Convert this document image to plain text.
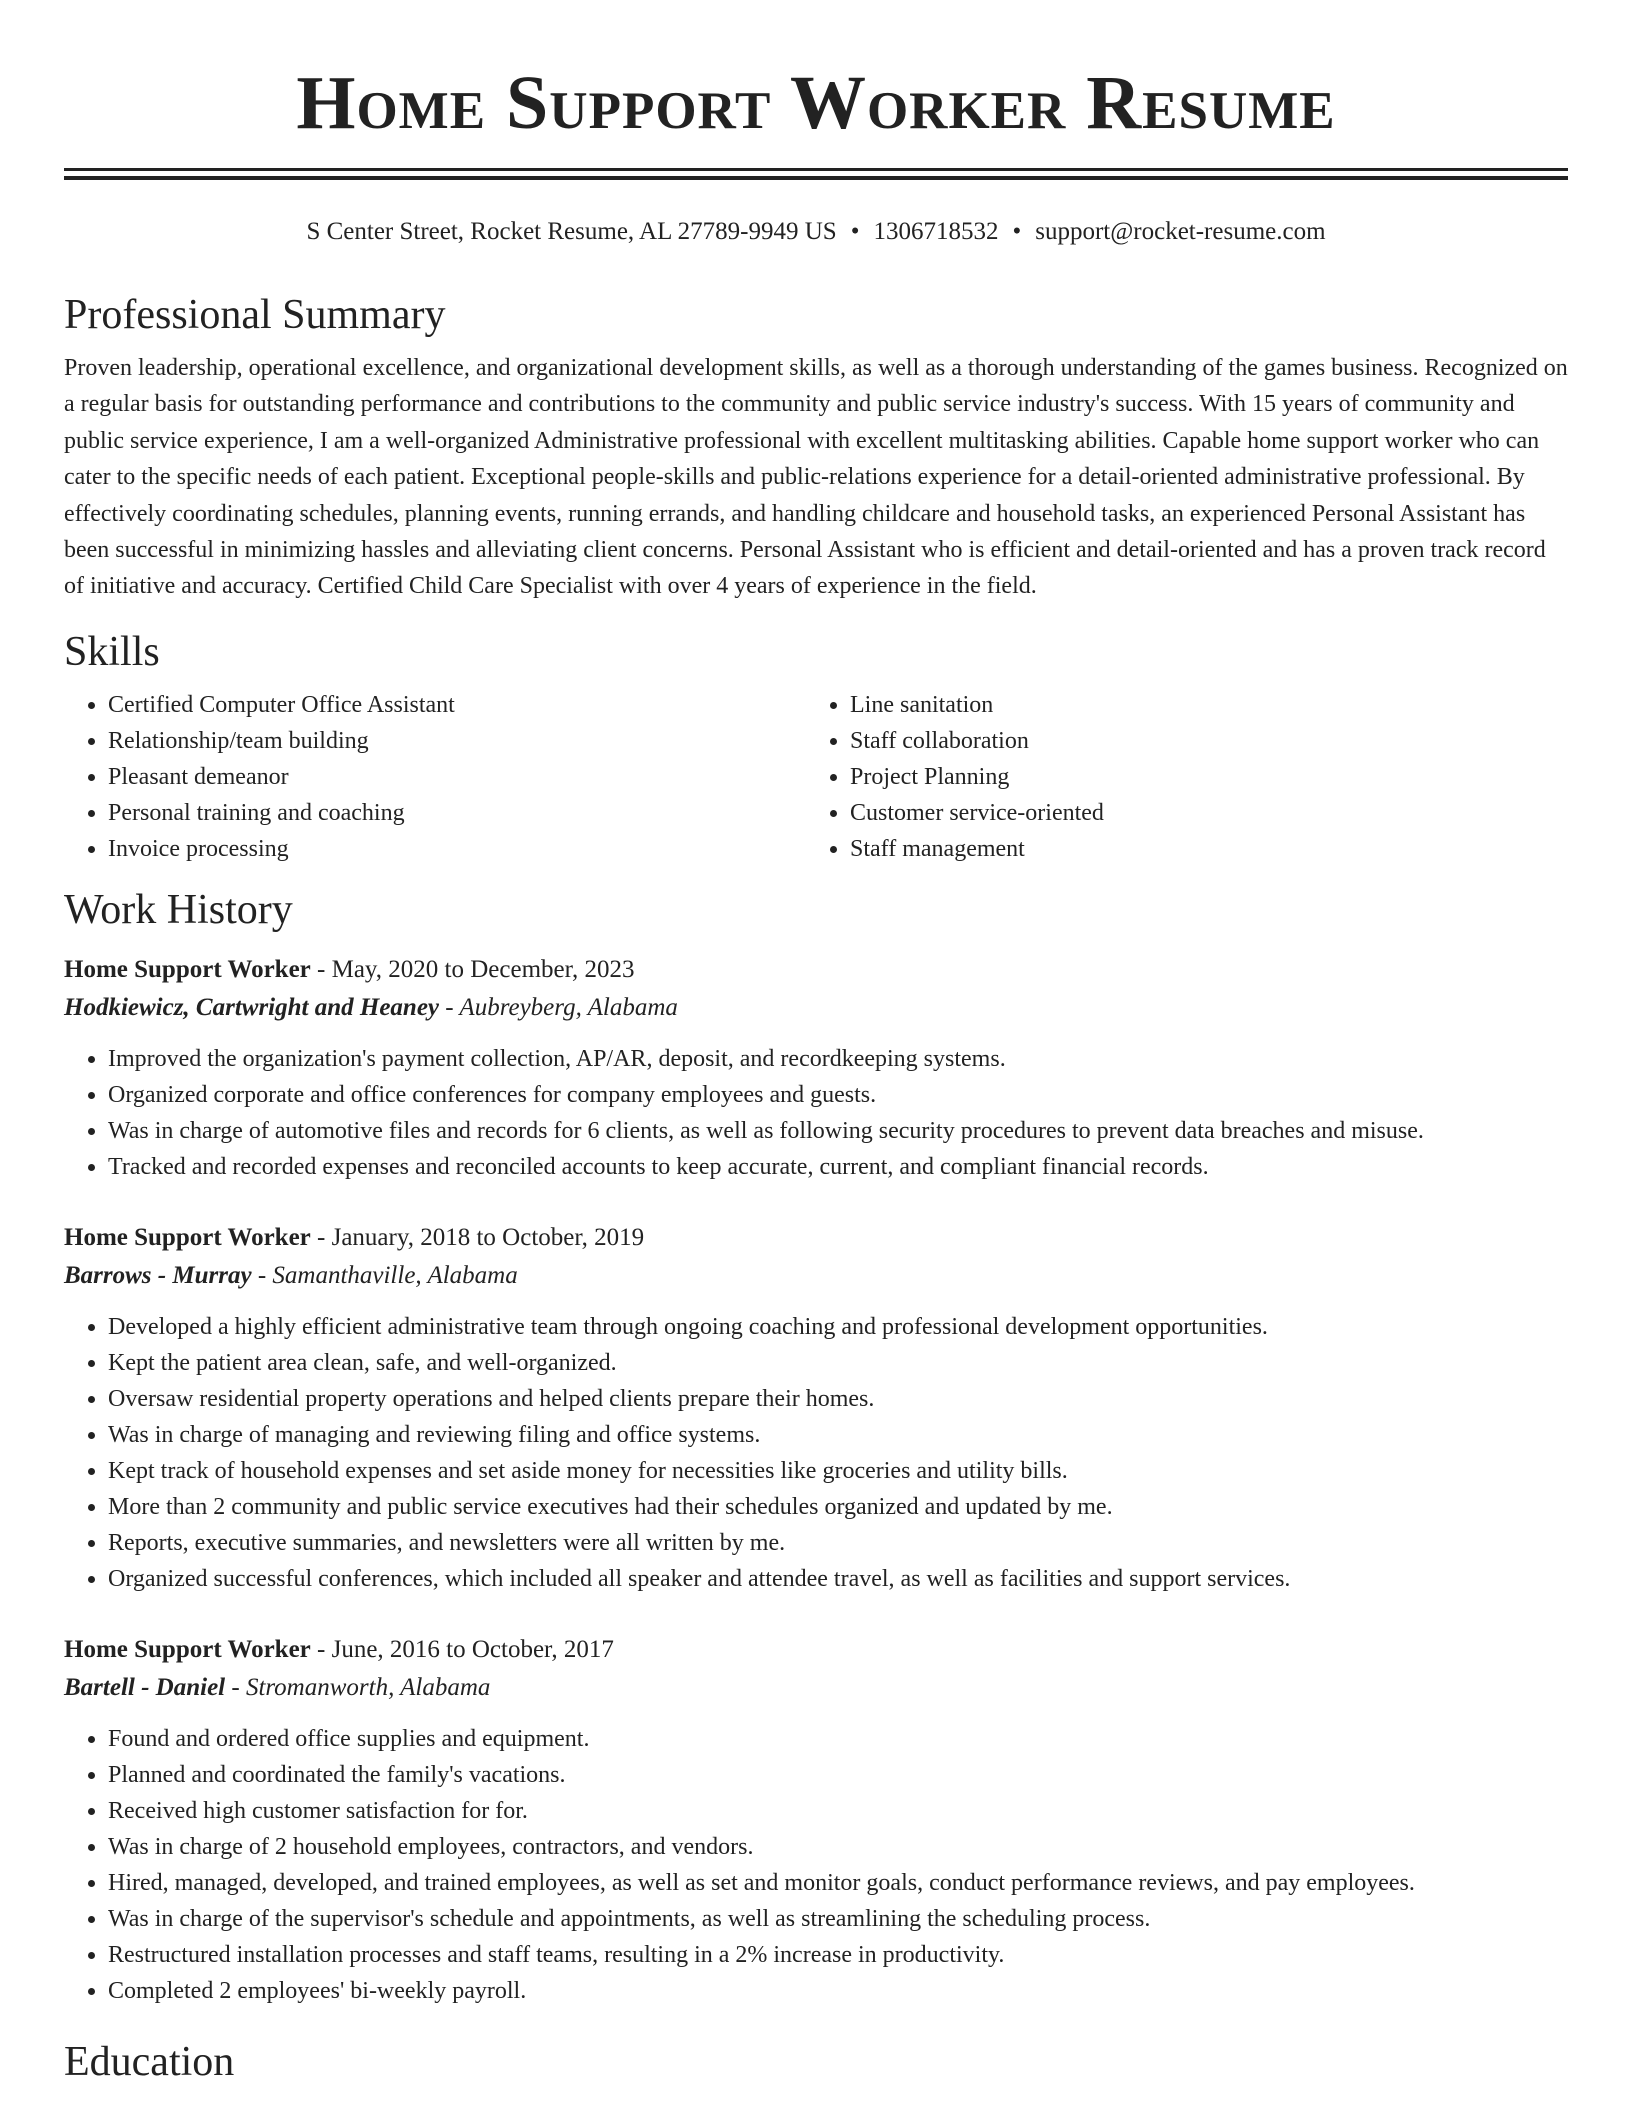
Home Support Worker Resume
S Center Street, Rocket Resume, AL 27789-9949 US • 1306718532 • support@rocket-resume.com
Professional Summary

Proven leadership, operational excellence, and organizational development skills, as well as a thorough understanding of the games business. Recognized on a regular basis for outstanding performance and contributions to the community and public service industry's success. With 15 years of community and public service experience, I am a well-organized Administrative professional with excellent multitasking abilities. Capable home support worker who can cater to the specific needs of each patient. Exceptional people-skills and public-relations experience for a detail-oriented administrative professional. By effectively coordinating schedules, planning events, running errands, and handling childcare and household tasks, an experienced Personal Assistant has been successful in minimizing hassles and alleviating client concerns. Personal Assistant who is efficient and detail-oriented and has a proven track record of initiative and accuracy. Certified Child Care Specialist with over 4 years of experience in the field.

Skills
• Certified Computer Office Assistant
• Relationship/team building
• Pleasant demeanor
• Personal training and coaching
• Invoice processing
• Line sanitation
• Staff collaboration
• Project Planning
• Customer service-oriented
• Staff management
Work History
Home Support Worker - May, 2020 to December, 2023
Hodkiewicz, Cartwright and Heaney - Aubreyberg, Alabama
• Improved the organization's payment collection, AP/AR, deposit, and recordkeeping systems.
• Organized corporate and office conferences for company employees and guests.
• Was in charge of automotive files and records for 6 clients, as well as following security procedures to prevent data breaches and misuse.
• Tracked and recorded expenses and reconciled accounts to keep accurate, current, and compliant financial records.
Home Support Worker - January, 2018 to October, 2019
Barrows - Murray - Samanthaville, Alabama
• Developed a highly efficient administrative team through ongoing coaching and professional development opportunities.
• Kept the patient area clean, safe, and well-organized.
• Oversaw residential property operations and helped clients prepare their homes.
• Was in charge of managing and reviewing filing and office systems.
• Kept track of household expenses and set aside money for necessities like groceries and utility bills.
• More than 2 community and public service executives had their schedules organized and updated by me.
• Reports, executive summaries, and newsletters were all written by me.
• Organized successful conferences, which included all speaker and attendee travel, as well as facilities and support services.
Home Support Worker - June, 2016 to October, 2017
Bartell - Daniel - Stromanworth, Alabama
• Found and ordered office supplies and equipment.
• Planned and coordinated the family's vacations.
• Received high customer satisfaction for for.
• Was in charge of 2 household employees, contractors, and vendors.
• Hired, managed, developed, and trained employees, as well as set and monitor goals, conduct performance reviews, and pay employees.
• Was in charge of the supervisor's schedule and appointments, as well as streamlining the scheduling process.
• Restructured installation processes and staff teams, resulting in a 2% increase in productivity.
• Completed 2 employees' bi-weekly payroll.
Education
